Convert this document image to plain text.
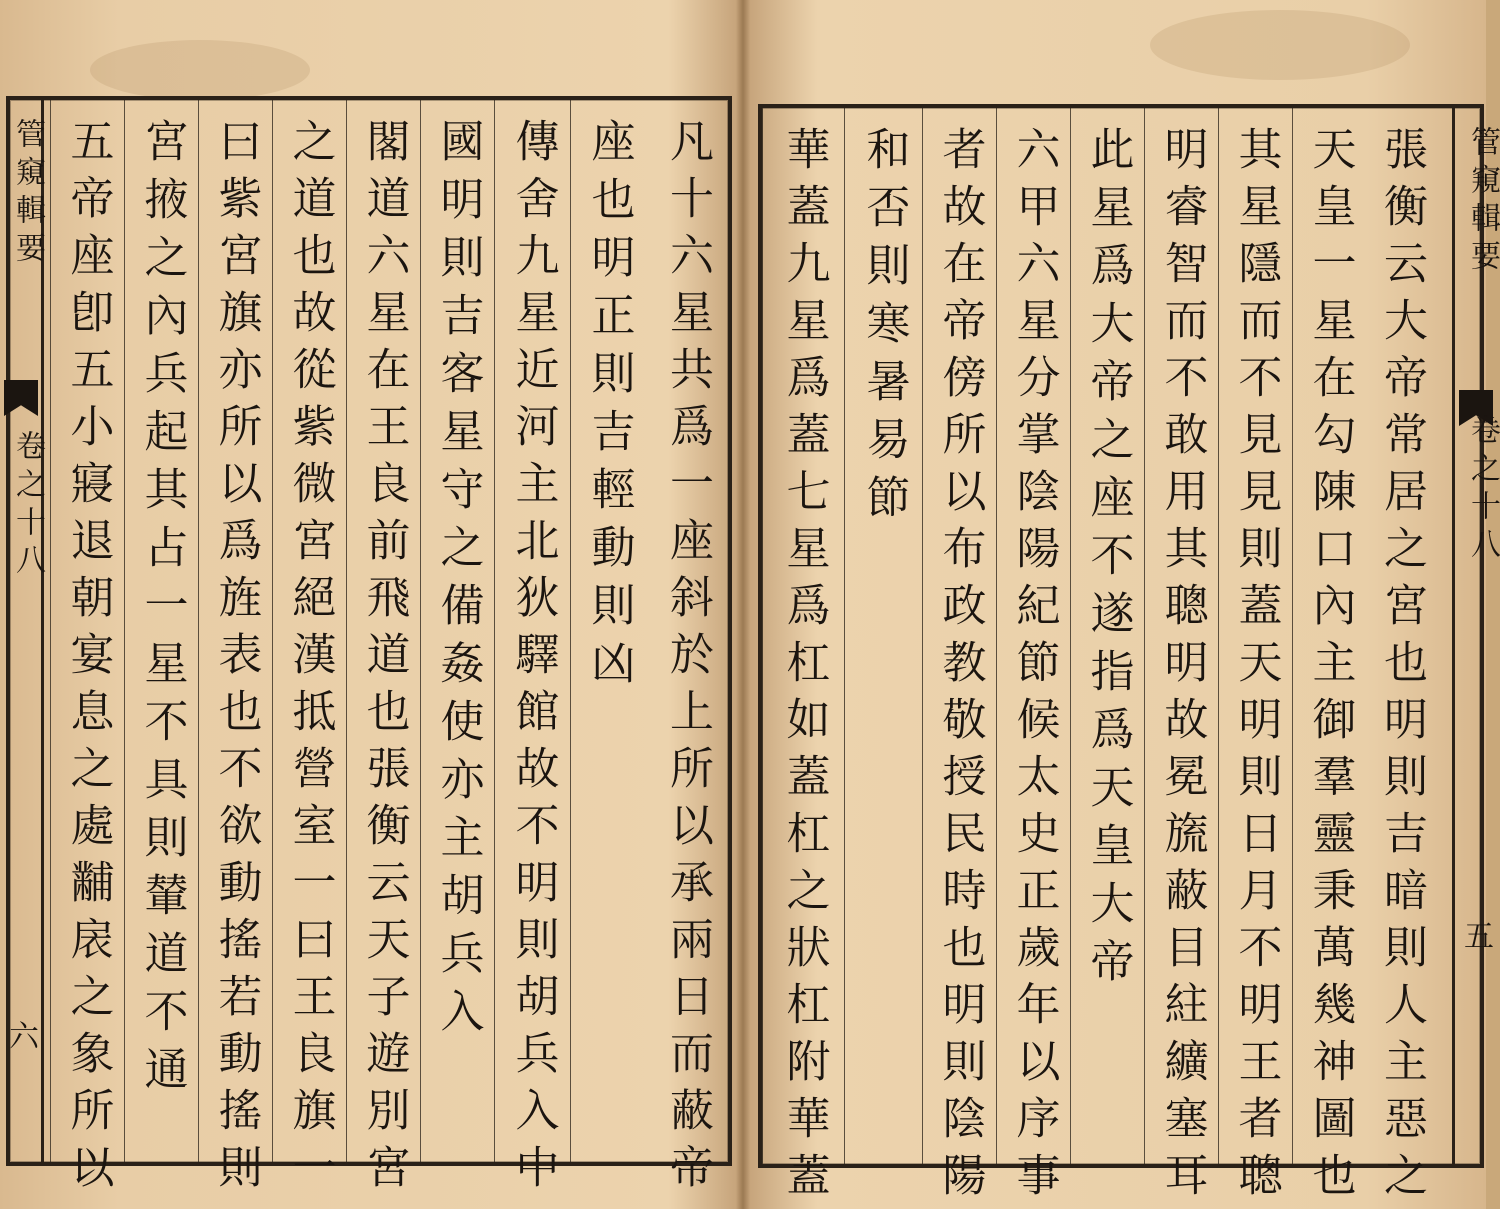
管窺輯要
卷之十八
六	凡十六星共爲一座斜於上所以承兩日而蔽帝
座也明正則吉輕動則凶
傳舍九星近河主北狄驛館故不明則胡兵入中
國明則吉客星守之備姦使亦主胡兵入
閣道六星在王良前飛道也張衡云天子遊別宮
之道也故從紫微宮絕漢抵營室一曰王良旗一
曰紫宮旗亦所以爲旌表也不欲動搖若動搖則
宮掖之內兵起其占一星不具則輦道不通
五帝座卽五小寢退朝宴息之處黼扆之象所以	管窺輯要
卷之十八
五
張衡云大帝常居之宮也明則吉暗則人主惡之
天皇一星在勾陳口內主御羣靈秉萬幾神圖也
其星隱而不見見則蓋天明則日月不明王者聰
明睿智而不敢用其聰明故冕旒蔽目紸纊塞耳
此星爲大帝之座不遂指爲天皇大帝
六甲六星分掌陰陽紀節候太史正歲年以序事
者故在帝傍所以布政教敬授民時也明則陰陽
和否則寒暑易節
華蓋九星爲蓋七星爲杠如蓋杠之狀杠附華蓋
